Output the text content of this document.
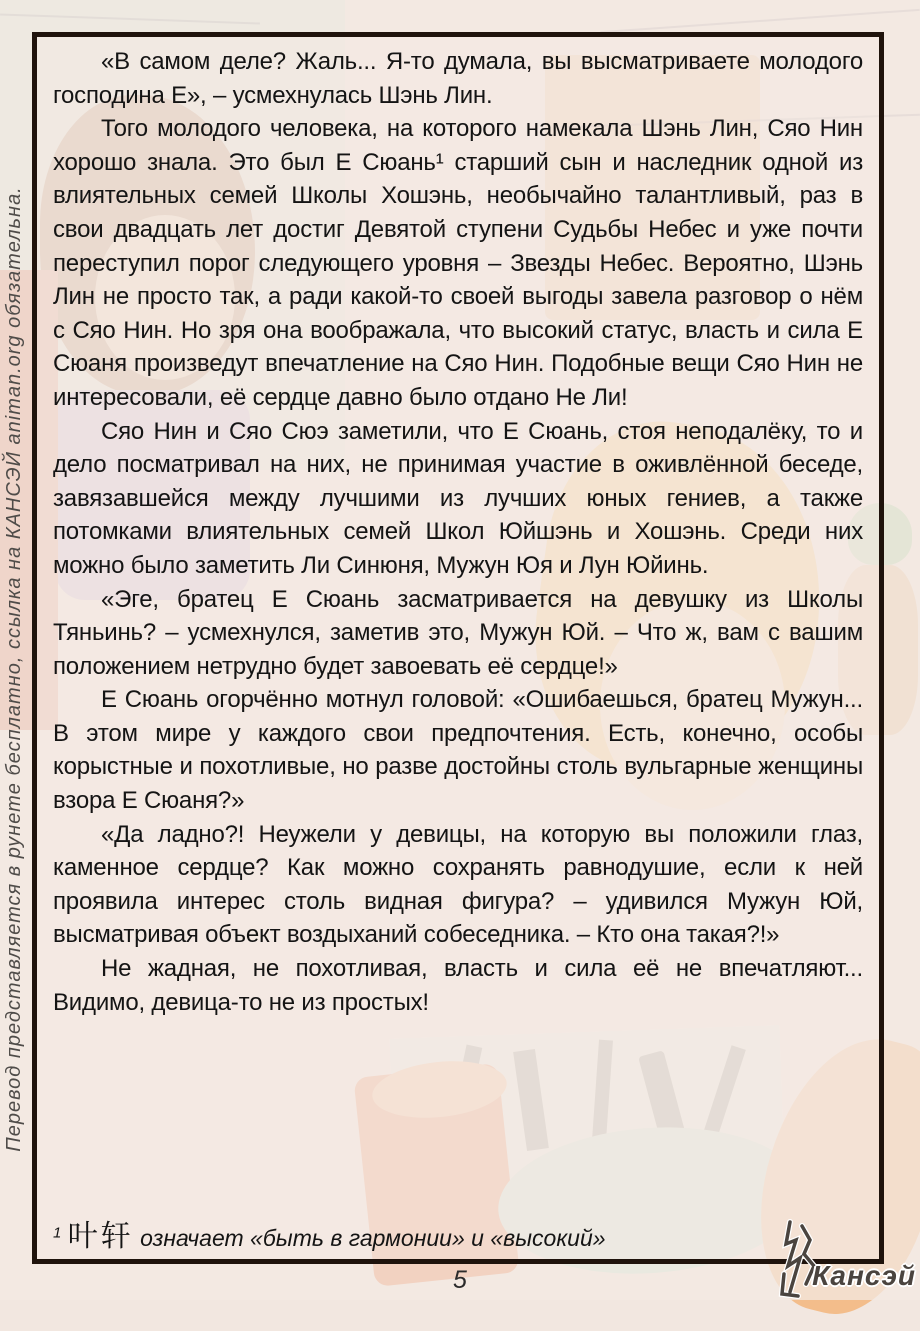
«В самом деле? Жаль... Я-то думала, вы высматриваете молодого господина Е», – усмехнулась Шэнь Лин.

Того молодого человека, на которого намекала Шэнь Лин, Сяо Нин хорошо знала. Это был Е Сюань¹ старший сын и наследник одной из влиятельных семей Школы Хошэнь, необычайно талантливый, раз в свои двадцать лет достиг Девятой ступени Судьбы Небес и уже почти переступил порог следующего уровня – Звезды Небес. Вероятно, Шэнь Лин не просто так, а ради какой-то своей выгоды завела разговор о нём с Сяо Нин. Но зря она воображала, что высокий статус, власть и сила Е Сюаня произведут впечатление на Сяо Нин. Подобные вещи Сяо Нин не интересовали, её сердце давно было отдано Не Ли!

Сяо Нин и Сяо Сюэ заметили, что Е Сюань, стоя неподалёку, то и дело посматривал на них, не принимая участие в оживлённой беседе, завязавшейся между лучшими из лучших юных гениев, а также потомками влиятельных семей Школ Юйшэнь и Хошэнь. Среди них можно было заметить Ли Синюня, Мужун Юя и Лун Юйинь.

«Эге, братец Е Сюань засматривается на девушку из Школы Тяньинь? – усмехнулся, заметив это, Мужун Юй. – Что ж, вам с вашим положением нетрудно будет завоевать её сердце!»

Е Сюань огорчённо мотнул головой: «Ошибаешься, братец Мужун... В этом мире у каждого свои предпочтения. Есть, конечно, особы корыстные и похотливые, но разве достойны столь вульгарные женщины взора Е Сюаня?»

«Да ладно?! Неужели у девицы, на которую вы положили глаз, каменное сердце? Как можно сохранять равнодушие, если к ней проявила интерес столь видная фигура? – удивился Мужун Юй, высматривая объект воздыханий собеседника. – Кто она такая?!»

Не жадная, не похотливая, власть и сила её не впечатляют... Видимо, девица-то не из простых!

$^1$ 叶轩 означает «быть в гармонии» и «высокий»
Перевод представляется в рунете бесплатно, ссылка на КАНСЭЙ animan.org обязательна.
5	Кансэй
